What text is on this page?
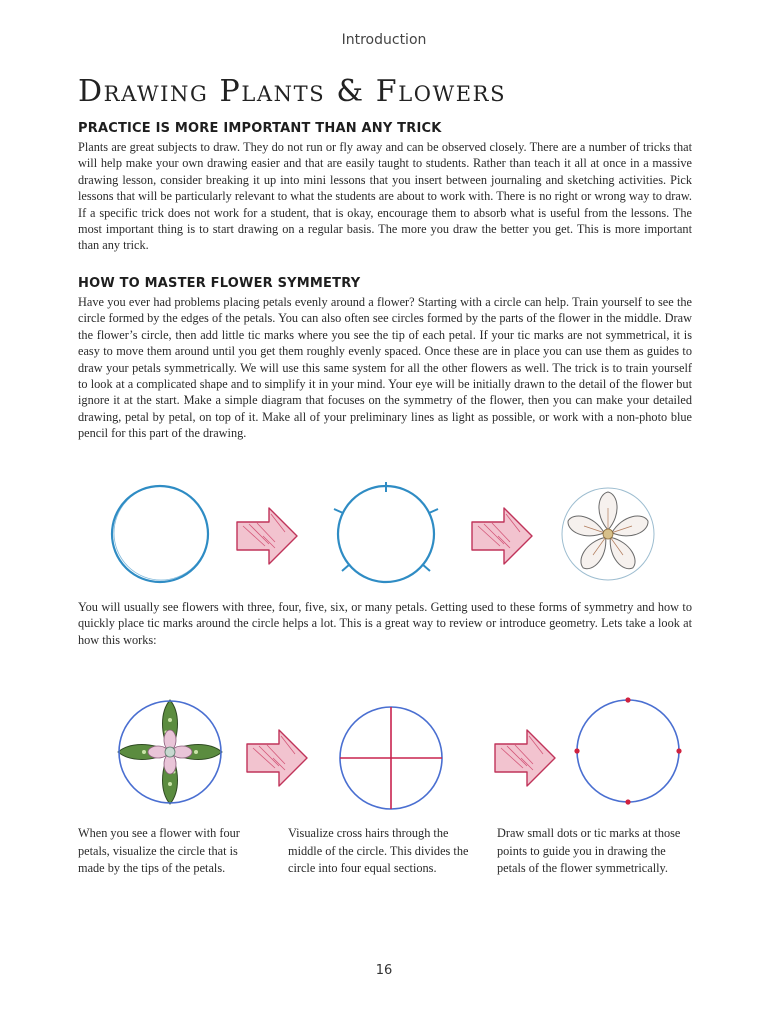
Introduction
Drawing Plants & Flowers
PRACTICE IS MORE IMPORTANT THAN ANY TRICK

Plants are great subjects to draw. They do not run or fly away and can be observed closely. There are a number of tricks that will help make your own drawing easier and that are easily taught to students. Rather than teach it all at once in a massive drawing lesson, consider breaking it up into mini lessons that you insert between journaling and sketching activities. Pick lessons that will be particularly relevant to what the students are about to work with. There is no right or wrong way to draw. If a specific trick does not work for a student, that is okay, encourage them to absorb what is useful from the lessons. The most important thing is to start drawing on a regular basis. The more you draw the better you get. This is more important than any trick.

HOW TO MASTER FLOWER SYMMETRY

Have you ever had problems placing petals evenly around a flower? Starting with a circle can help. Train yourself to see the circle formed by the edges of the petals. You can also often see circles formed by the parts of the flower in the middle. Draw the flower’s circle, then add little tic marks where you see the tip of each petal. If your tic marks are not symmetrical, it is easy to move them around until you get them roughly evenly spaced. Once these are in place you can use them as guides to draw your petals symmetrically. We will use this same system for all the other flowers as well. The trick is to train yourself to look at a complicated shape and to simplify it in your mind. Your eye will be initially drawn to the detail of the flower but ignore it at the start. Make a simple diagram that focuses on the symmetry of the flower, then you can make your detailed drawing, petal by petal, on top of it. Make all of your preliminary lines as light as possible, or work with a non-photo blue pencil for this part of the drawing.

You will usually see flowers with three, four, five, six, or many petals. Getting used to these forms of symmetry and how to quickly place tic marks around the circle helps a lot. This is a great way to review or introduce geometry. Lets take a look at how this works:

When you see a flower with four petals, visualize the circle that is made by the tips of the petals.

Visualize cross hairs through the middle of the circle. This divides the circle into four equal sections.

Draw small dots or tic marks at those points to guide you in drawing the petals of the flower symmetrically.

16
